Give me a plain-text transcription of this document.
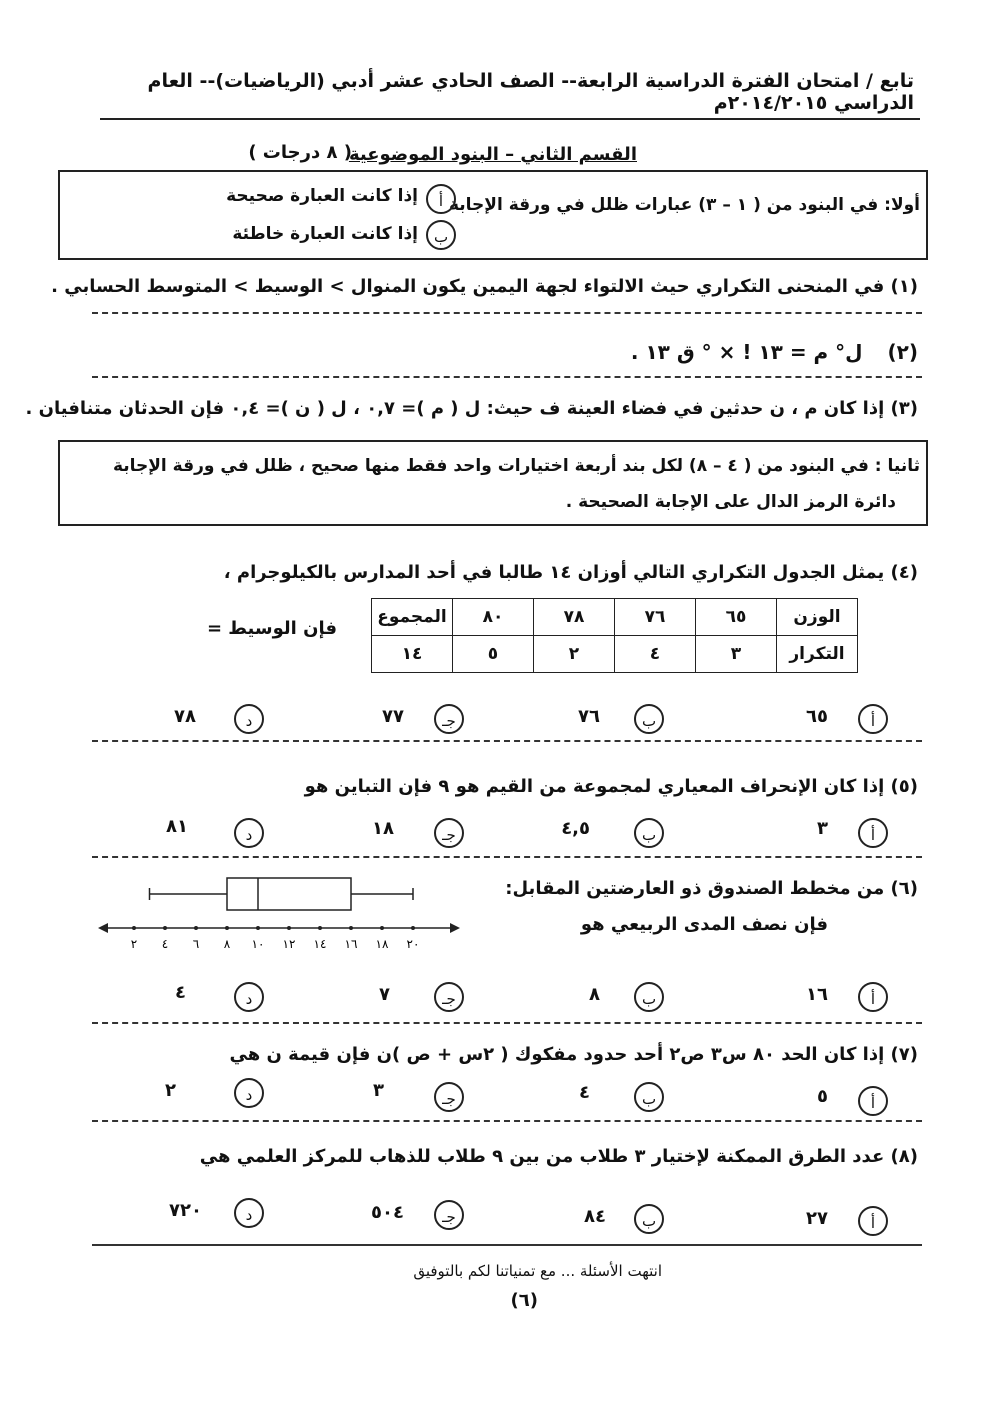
تابع / امتحان الفترة الدراسية الرابعة-- الصف الحادي عشر أدبي (الرياضيات)-- العام الدراسي ٢٠١٤/٢٠١٥م
القسم الثاني – البنود الموضوعية
( ٨ درجات )
أولا: في البنود من ( ١ – ٣) عبارات ظلل في ورقة الإجابة
أ
إذا كانت العبارة صحيحة
ب
إذا كانت العبارة خاطئة
(١) في المنحنى التكراري حيث الالتواء لجهة اليمين يكون المنوال > الوسيط > المتوسط الحسابي .
(٢) ل° م = ١٣ ! × ° ق ١٣ .
(٣) إذا كان م ، ن حدثين في فضاء العينة ف حيث: ل ( م )= ٠,٧ ، ل ( ن )= ٠,٤ فإن الحدثان متنافيان .
ثانيا : في البنود من ( ٤ – ٨) لكل بند أربعة اختيارات واحد فقط منها صحيح ، ظلل في ورقة الإجابة
دائرة الرمز الدال على الإجابة الصحيحة .
(٤) يمثل الجدول التكراري التالي أوزان ١٤ طالبا في أحد المدارس بالكيلوجرام ،
الوزن	٦٥	٧٦	٧٨	٨٠	المجموع
التكرار	٣	٤	٢	٥	١٤
فإن الوسيط =
أ
٦٥
ب
٧٦
جـ
٧٧
د
٧٨
(٥) إذا كان الإنحراف المعياري لمجموعة من القيم هو ٩ فإن التباين هو
أ
٣
ب
٤,٥
جـ
١٨
د
٨١
(٦) من مخطط الصندوق ذو العارضتين المقابل:
فإن نصف المدى الربيعي هو
٢ ٤ ٦ ٨ ١٠ ١٢ ١٤ ١٦ ١٨ ٢٠
أ
١٦
ب
٨
جـ
٧
د
٤
(٧) إذا كان الحد ٨٠ س٣ ص٢ أحد حدود مفكوك ( ٢س + ص )ن فإن قيمة ن هي
أ
٥
ب
٤
جـ
٣
د
٢
(٨) عدد الطرق الممكنة لإختيار ٣ طلاب من بين ٩ طلاب للذهاب للمركز العلمي هي
أ
٢٧
ب
٨٤
جـ
٥٠٤
د
٧٢٠
انتهت الأسئلة ... مع تمنياتنا لكم بالتوفيق
(٦)
